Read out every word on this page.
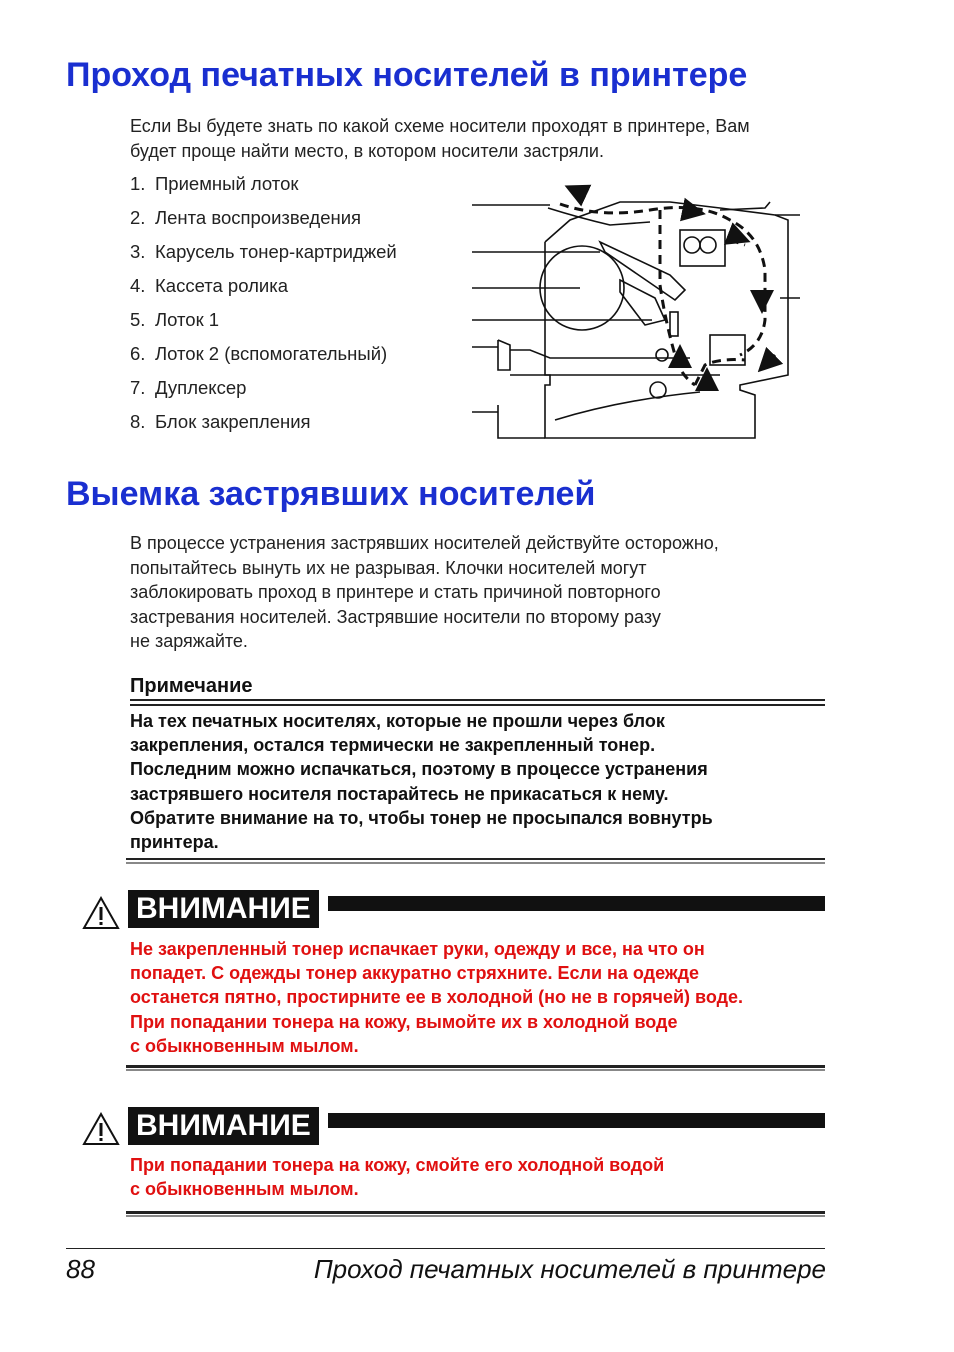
Проход печатных носителей в принтере
Если Вы будете знать по какой схеме носители проходят в принтере, Вам
будет проще найти место, в котором носители застряли.
1. Приемный лоток
2. Лента воспроизведения
3. Карусель тонер-картриджей
4. Кассета ролика
5. Лоток 1
6. Лоток 2 (вспомогательный)
7. Дуплексер
8. Блок закрепления
Выемка застрявших носителей
В процессе устранения застрявших носителей действуйте осторожно,
попытайтесь вынуть их не разрывая. Клочки носителей могут
заблокировать проход в принтере и стать причиной повторного
застревания носителей. Застрявшие носители по второму разу
не заряжайте.
Примечание
На тех печатных носителях, которые не прошли через блок
закрепления, остался термически не закрепленный тонер.
Последним можно испачкаться, поэтому в процессе устранения
застрявшего носителя постарайтесь не прикасаться к нему.
Обратите внимание на то, чтобы тонер не просыпался вовнутрь
принтера.
ВНИМАНИЕ
Не закрепленный тонер испачкает руки, одежду и все, на что он
попадет. С одежды тонер аккуратно стряхните. Если на одежде
останется пятно, простирните ее в холодной (но не в горячей) воде.
При попадании тонера на кожу, вымойте их в холодной воде
с обыкновенным мылом.
ВНИМАНИЕ
При попадании тонера на кожу, смойте его холодной водой
с обыкновенным мылом.
88	Проход печатных носителей в принтере
